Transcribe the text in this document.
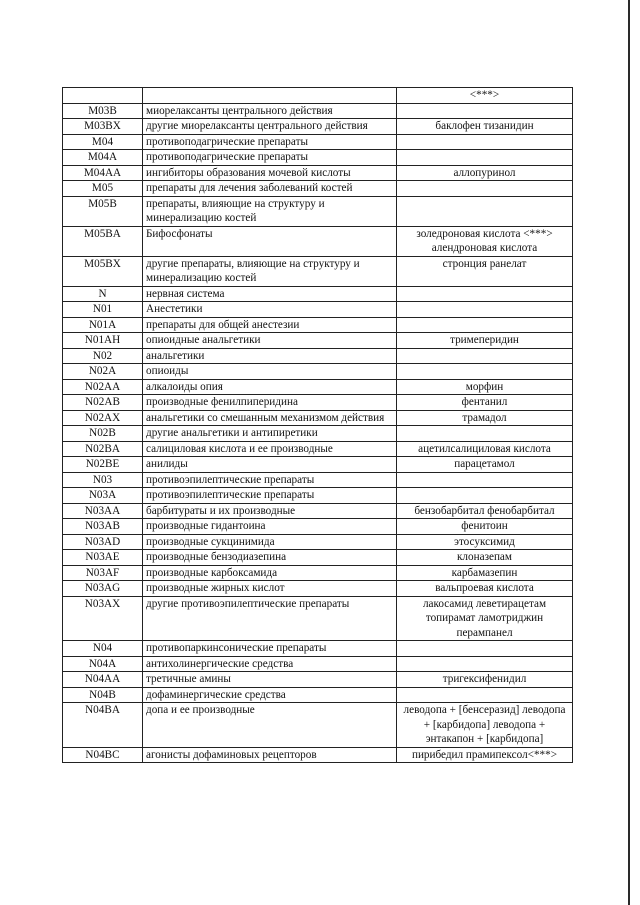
		<***>
M03B	миорелаксанты центрального действия	
M03BX	другие миорелаксанты центрального действия	баклофен тизанидин
M04	противоподагрические препараты	
M04A	противоподагрические препараты	
M04AA	ингибиторы образования мочевой кислоты	аллопуринол
M05	препараты для лечения заболеваний костей	
M05B	препараты, влияющие на структуру и минерализацию костей	
M05BA	Бифосфонаты	золедроновая кислота <***> алендроновая кислота
M05BX	другие препараты, влияющие на структуру и минерализацию костей	стронция ранелат
N	нервная система	
N01	Анестетики	
N01A	препараты для общей анестезии	
N01AH	опиоидные анальгетики	тримеперидин
N02	анальгетики	
N02A	опиоиды	
N02AA	алкалоиды опия	морфин
N02AB	производные фенилпиперидина	фентанил
N02AX	анальгетики со смешанным механизмом действия	трамадол
N02B	другие анальгетики и антипиретики	
N02BA	салициловая кислота и ее производные	ацетилсалициловая кислота
N02BE	анилиды	парацетамол
N03	противоэпилептические препараты	
N03A	противоэпилептические препараты	
N03AA	барбитураты и их производные	бензобарбитал фенобарбитал
N03AB	производные гидантоина	фенитоин
N03AD	производные сукцинимида	этосуксимид
N03AE	производные бензодиазепина	клоназепам
N03AF	производные карбоксамида	карбамазепин
N03AG	производные жирных кислот	вальпроевая кислота
N03AX	другие противоэпилептические препараты	лакосамид леветирацетам топирамат ламотриджин перампанел
N04	противопаркинсонические препараты	
N04A	антихолинергические средства	
N04AA	третичные амины	тригексифенидил
N04B	дофаминергические средства	
N04BA	допа и ее производные	леводопа + [бенсеразид] леводопа + [карбидопа] леводопа + энтакапон + [карбидопа]
N04BC	агонисты дофаминовых рецепторов	пирибедил прамипексол<***>
